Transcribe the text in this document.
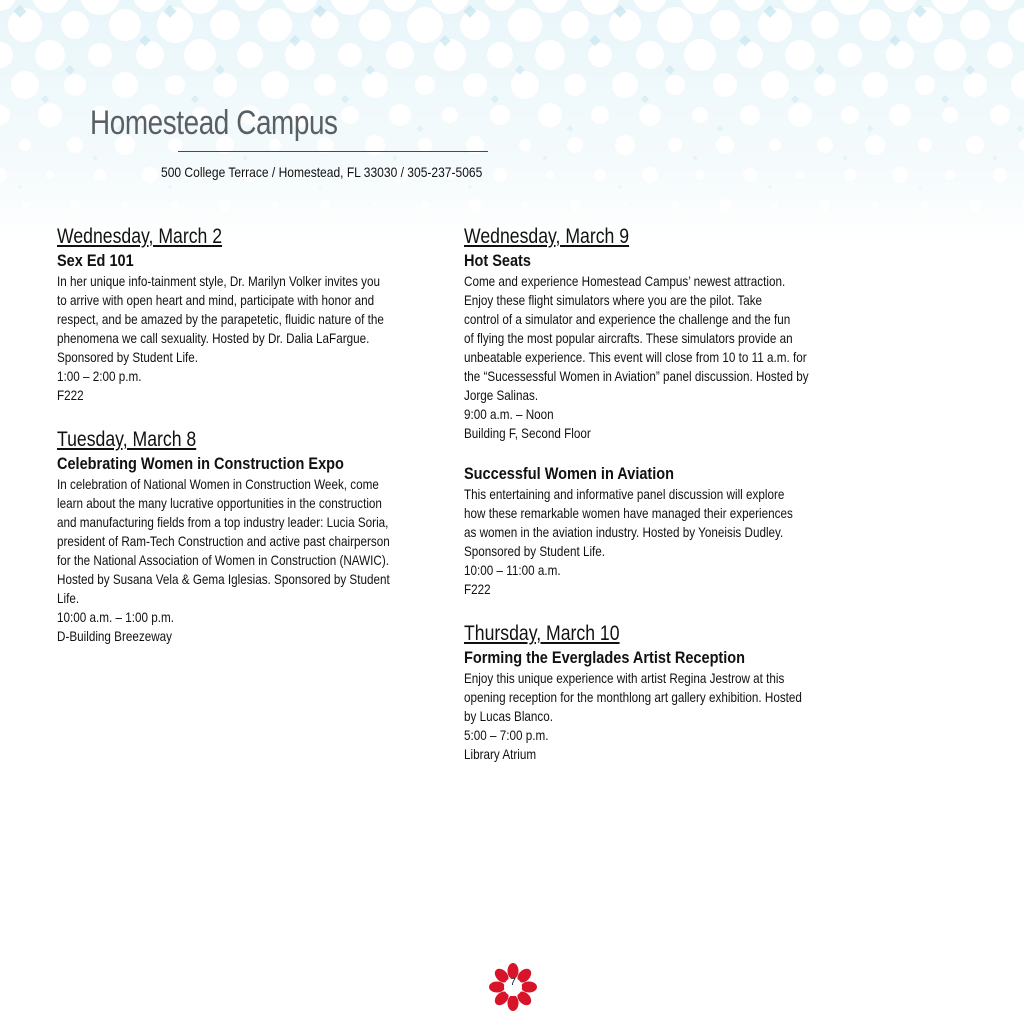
Homestead Campus
500 College Terrace / Homestead, FL 33030 / 305-237-5065
Wednesday, March 2
Sex Ed 101
In her unique info-tainment style, Dr. Marilyn Volker invites you
to arrive with open heart and mind, participate with honor and
respect, and be amazed by the parapetetic, fluidic nature of the
phenomena we call sexuality. Hosted by Dr. Dalia LaFargue.
Sponsored by Student Life.
1:00 – 2:00 p.m.
F222
Tuesday, March 8
Celebrating Women in Construction Expo
In celebration of National Women in Construction Week, come
learn about the many lucrative opportunities in the construction
and manufacturing fields from a top industry leader: Lucia Soria,
president of Ram-Tech Construction and active past chairperson
for the National Association of Women in Construction (NAWIC).
Hosted by Susana Vela & Gema Iglesias. Sponsored by Student
Life.
10:00 a.m. – 1:00 p.m.
D-Building Breezeway
Wednesday, March 9
Hot Seats
Come and experience Homestead Campus’ newest attraction.
Enjoy these flight simulators where you are the pilot. Take
control of a simulator and experience the challenge and the fun
of flying the most popular aircrafts. These simulators provide an
unbeatable experience. This event will close from 10 to 11 a.m. for
the “Sucessessful Women in Aviation” panel discussion. Hosted by
Jorge Salinas.
9:00 a.m. – Noon
Building F, Second Floor
Successful Women in Aviation
This entertaining and informative panel discussion will explore
how these remarkable women have managed their experiences
as women in the aviation industry. Hosted by Yoneisis Dudley.
Sponsored by Student Life.
10:00 – 11:00 a.m.
F222
Thursday, March 10
Forming the Everglades Artist Reception
Enjoy this unique experience with artist Regina Jestrow at this
opening reception for the monthlong art gallery exhibition. Hosted
by Lucas Blanco.
5:00 – 7:00 p.m.
Library Atrium
7
